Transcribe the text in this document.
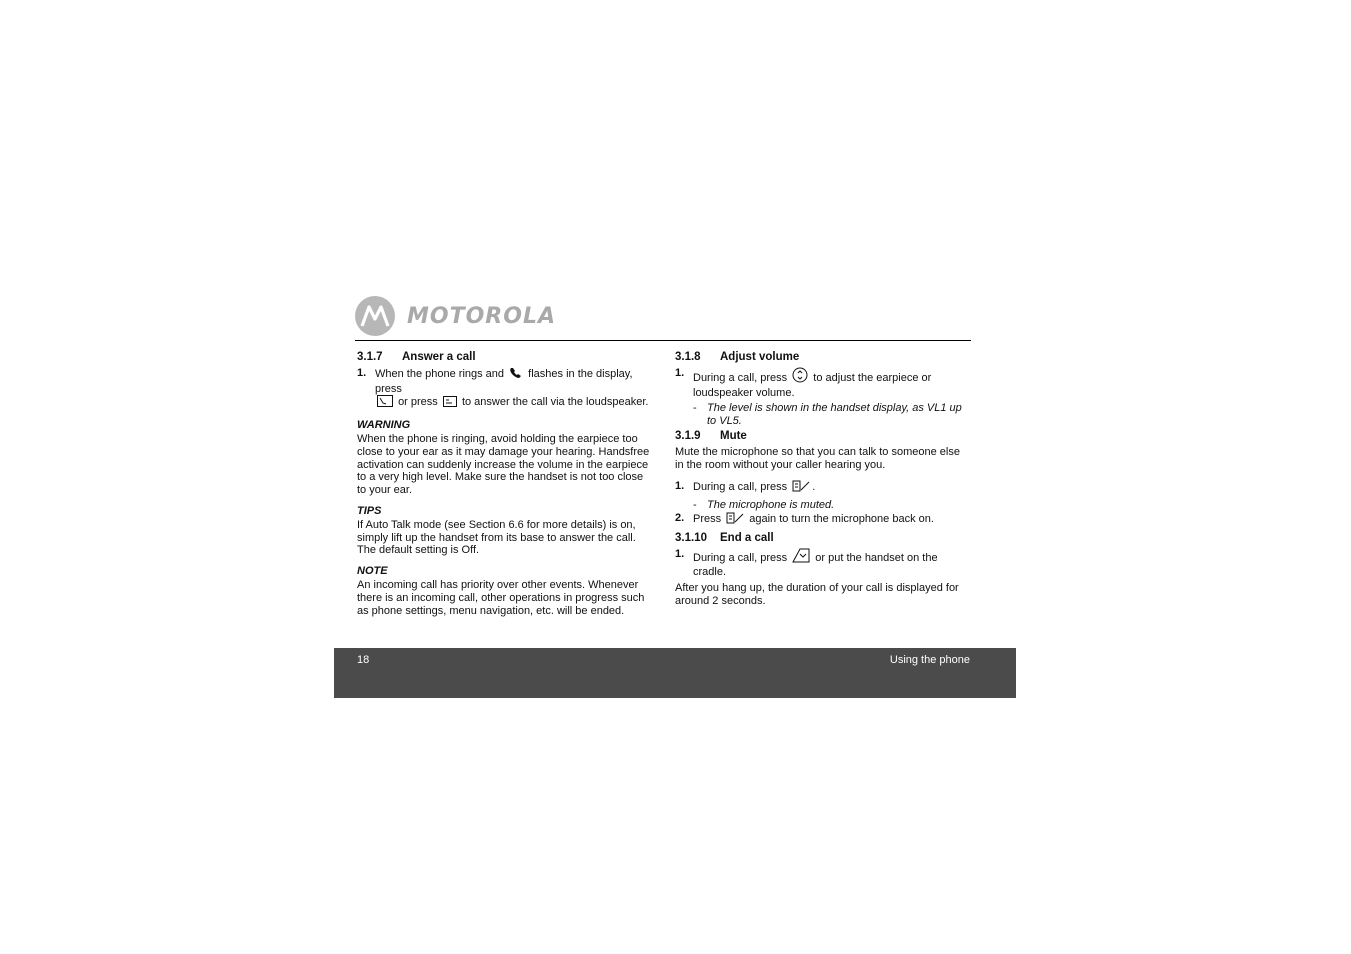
MOTOROLA
3.1.7 Answer a call
1. When the phone rings and flashes in the display, press
or press to answer the call via the loudspeaker.
WARNING

When the phone is ringing, avoid holding the earpiece too close to your ear as it may damage your hearing. Handsfree activation can suddenly increase the volume in the earpiece to a very high level. Make sure the handset is not too close to your ear.

TIPS

If Auto Talk mode (see Section 6.6 for more details) is on, simply lift up the handset from its base to answer the call. The default setting is Off.

NOTE

An incoming call has priority over other events. Whenever there is an incoming call, other operations in progress such as phone settings, menu navigation, etc. will be ended.

3.1.8 Adjust volume
1. During a call, press to adjust the earpiece or loudspeaker volume.
- The level is shown in the handset display, as VL1 up to VL5.
3.1.9 Mute

Mute the microphone so that you can talk to someone else in the room without your caller hearing you.

1. During a call, press .
- The microphone is muted.
2. Press	again to turn the microphone back on.
3.1.10 End a call
1. During a call, press	or put the handset on the cradle.

After you hang up, the duration of your call is displayed for around 2 seconds.

18	Using the phone
